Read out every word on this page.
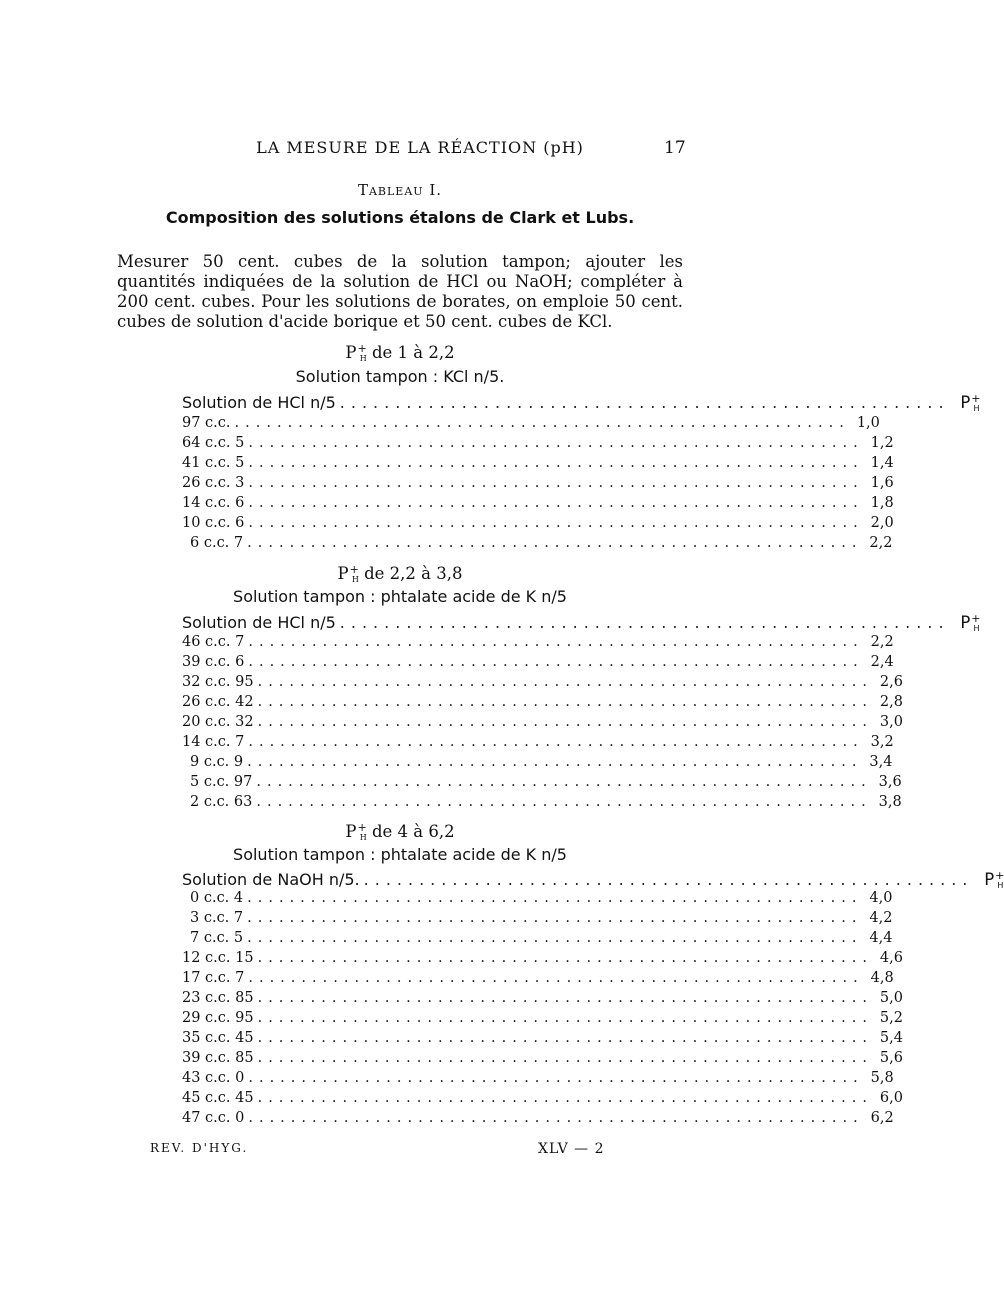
LA MESURE DE LA RÉACTION (pH)	17
Tableau I.
Composition des solutions étalons de Clark et Lubs.
Mesurer 50 cent. cubes de la solution tampon; ajouter les quantités indiquées de la solution de HCl ou NaOH; compléter à 200 cent. cubes. Pour les solutions de borates, on emploie 50 cent. cubes de solution d'acide borique et 50 cent. cubes de KCl.
$P^+_H$ de 1 à 2,2
Solution tampon : KCl n/5.
Solution de HCl n/5 ....................................................... $P^+_H$
97 c.c. .......................................................... 1,0
64 c.c. 5 .......................................................... 1,2
41 c.c. 5 .......................................................... 1,4
26 c.c. 3 .......................................................... 1,6
14 c.c. 6 .......................................................... 1,8
10 c.c. 6 .......................................................... 2,0
6 c.c. 7 .......................................................... 2,2
$P^+_H$ de 2,2 à 3,8
Solution tampon : phtalate acide de K n/5
Solution de HCl n/5 ....................................................... $P^+_H$
46 c.c. 7 .......................................................... 2,2
39 c.c. 6 .......................................................... 2,4
32 c.c. 95 .......................................................... 2,6
26 c.c. 42 .......................................................... 2,8
20 c.c. 32 .......................................................... 3,0
14 c.c. 7 .......................................................... 3,2
9 c.c. 9 .......................................................... 3,4
5 c.c. 97 .......................................................... 3,6
2 c.c. 63 .......................................................... 3,8
$P^+_H$ de 4 à 6,2
Solution tampon : phtalate acide de K n/5
Solution de NaOH n/5. ....................................................... $P^+_H$
0 c.c. 4 .......................................................... 4,0
3 c.c. 7 .......................................................... 4,2
7 c.c. 5 .......................................................... 4,4
12 c.c. 15 .......................................................... 4,6
17 c.c. 7 .......................................................... 4,8
23 c.c. 85 .......................................................... 5,0
29 c.c. 95 .......................................................... 5,2
35 c.c. 45 .......................................................... 5,4
39 c.c. 85 .......................................................... 5,6
43 c.c. 0 .......................................................... 5,8
45 c.c. 45 .......................................................... 6,0
47 c.c. 0 .......................................................... 6,2
REV. D'HYG.	XLV — 2
